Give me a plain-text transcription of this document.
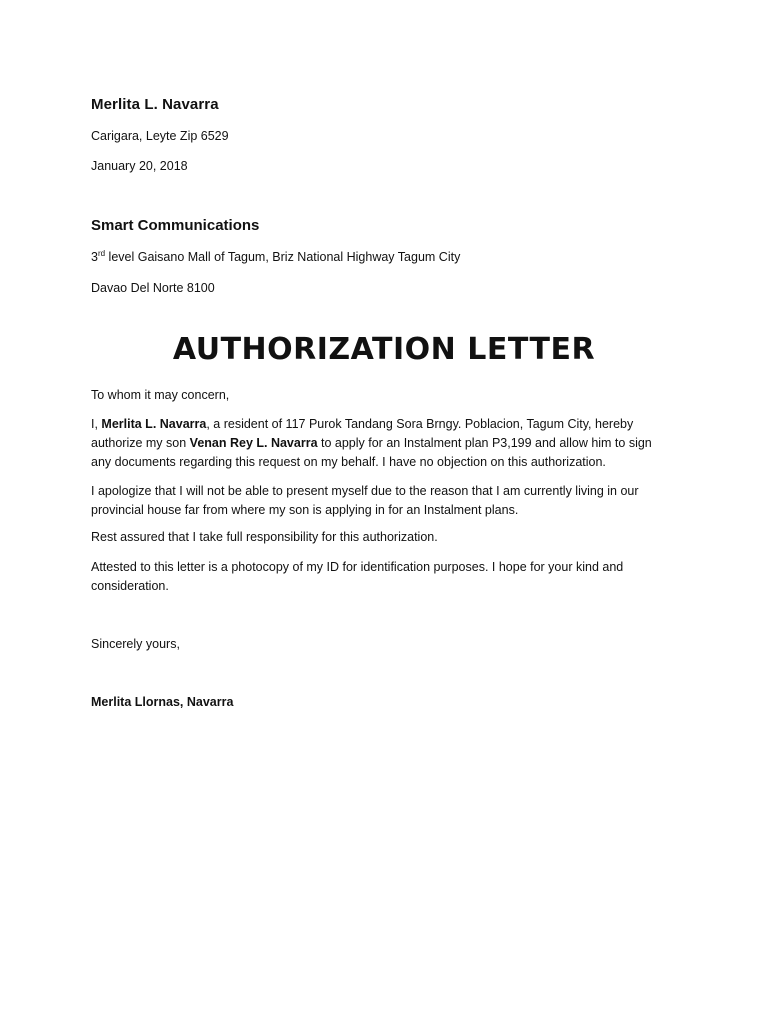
Merlita L. Navarra
Carigara, Leyte Zip 6529
January 20, 2018
Smart Communications
3rd level Gaisano Mall of Tagum, Briz National Highway Tagum City
Davao Del Norte 8100
AUTHORIZATION LETTER
To whom it may concern,
I, Merlita L. Navarra, a resident of 117 Purok Tandang Sora Brngy. Poblacion, Tagum City, hereby authorize my son Venan Rey L. Navarra to apply for an Instalment plan P3,199 and allow him to sign any documents regarding this request on my behalf. I have no objection on this authorization.
I apologize that I will not be able to present myself due to the reason that I am currently living in our provincial house far from where my son is applying in for an Instalment plans.
Rest assured that I take full responsibility for this authorization.
Attested to this letter is a photocopy of my ID for identification purposes. I hope for your kind and consideration.
Sincerely yours,
Merlita Llornas, Navarra
